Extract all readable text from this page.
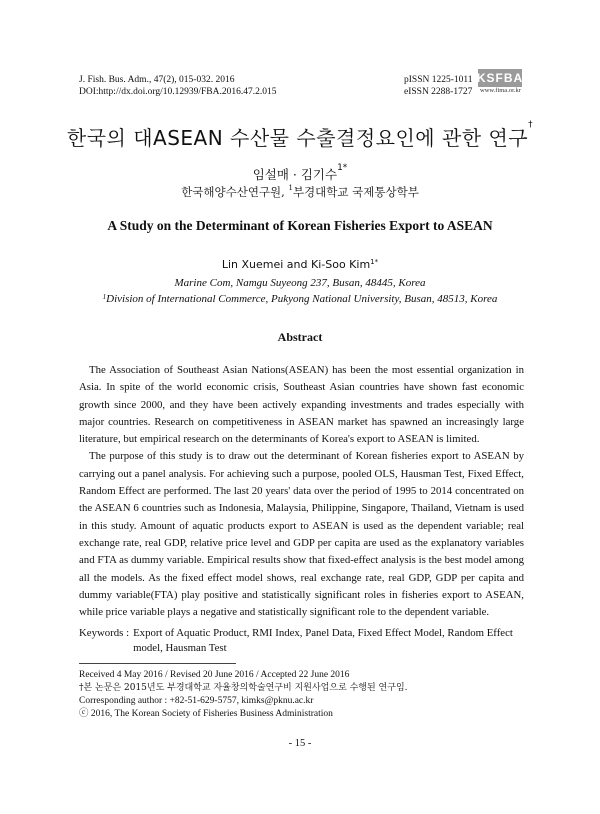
J. Fish. Bus. Adm., 47(2), 015-032. 2016
DOI:http://dx.doi.org/10.12939/FBA.2016.47.2.015
pISSN 1225-1011
eISSN 2288-1727
KSFBA
www.fima.or.kr
한국의 대ASEAN 수산물 수출결정요인에 관한 연구†
임설매 · 김기수$^{1*}$
한국해양수산연구원, $^1$부경대학교 국제통상학부
A Study on the Determinant of Korean Fisheries Export to ASEAN
Lin Xuemei and Ki-Soo Kim$^{1*}$
Marine Com, Namgu Suyeong 237, Busan, 48445, Korea
$^1$Division of International Commerce, Pukyong National University, Busan, 48513, Korea
Abstract

The Association of Southeast Asian Nations(ASEAN) has been the most essential organization in Asia. In spite of the world economic crisis, Southeast Asian countries have shown fast economic growth since 2000, and they have been actively expanding investments and trades especially with major countries. Research on competitiveness in ASEAN market has spawned an increasingly large literature, but empirical research on the determinants of Korea's export to ASEAN is limited.

The purpose of this study is to draw out the determinant of Korean fisheries export to ASEAN by carrying out a panel analysis. For achieving such a purpose, pooled OLS, Hausman Test, Fixed Effect, Random Effect are performed. The last 20 years' data over the period of 1995 to 2014 concentrated on the ASEAN 6 countries such as Indonesia, Malaysia, Philippine, Singapore, Thailand, Vietnam is used in this study. Amount of aquatic products export to ASEAN is used as the dependent variable; real exchange rate, real GDP, relative price level and GDP per capita are used as the explanatory variables and FTA as dummy variable. Empirical results show that fixed-effect analysis is the best model among all the models. As the fixed effect model shows, real exchange rate, real GDP, GDP per capita and dummy variable(FTA) play positive and statistically significant roles in fisheries export to ASEAN, while price variable plays a negative and statistically significant role to the dependent variable.

Keywords : Export of Aquatic Product, RMI Index, Panel Data, Fixed Effect Model, Random Effect model, Hausman Test
Received 4 May 2016 / Revised 20 June 2016 / Accepted 22 June 2016
†본 논문은 2015년도 부경대학교 자율창의학술연구비 지원사업으로 수행된 연구임.
Corresponding author : +82-51-629-5757, kimks@pknu.ac.kr
ⓒ 2016, The Korean Society of Fisheries Business Administration
- 15 -
